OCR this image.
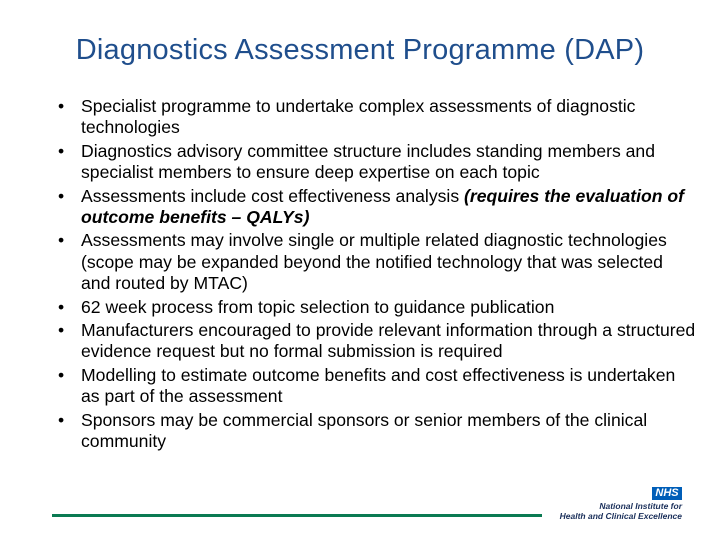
Diagnostics Assessment Programme (DAP)
• Specialist programme to undertake complex assessments of diagnostic technologies
• Diagnostics advisory committee structure includes standing members and specialist members to ensure deep expertise on each topic
• Assessments include cost effectiveness analysis (requires the evaluation of outcome benefits – QALYs)
• Assessments may involve single or multiple related diagnostic technologies (scope may be expanded beyond the notified technology that was selected and routed by MTAC)
• 62 week process from topic selection to guidance publication
• Manufacturers encouraged to provide relevant information through a structured evidence request but no formal submission is required
• Modelling to estimate outcome benefits and cost effectiveness is undertaken as part of the assessment
• Sponsors may be commercial sponsors or senior members of the clinical community
NHS
National Institute for
Health and Clinical Excellence
